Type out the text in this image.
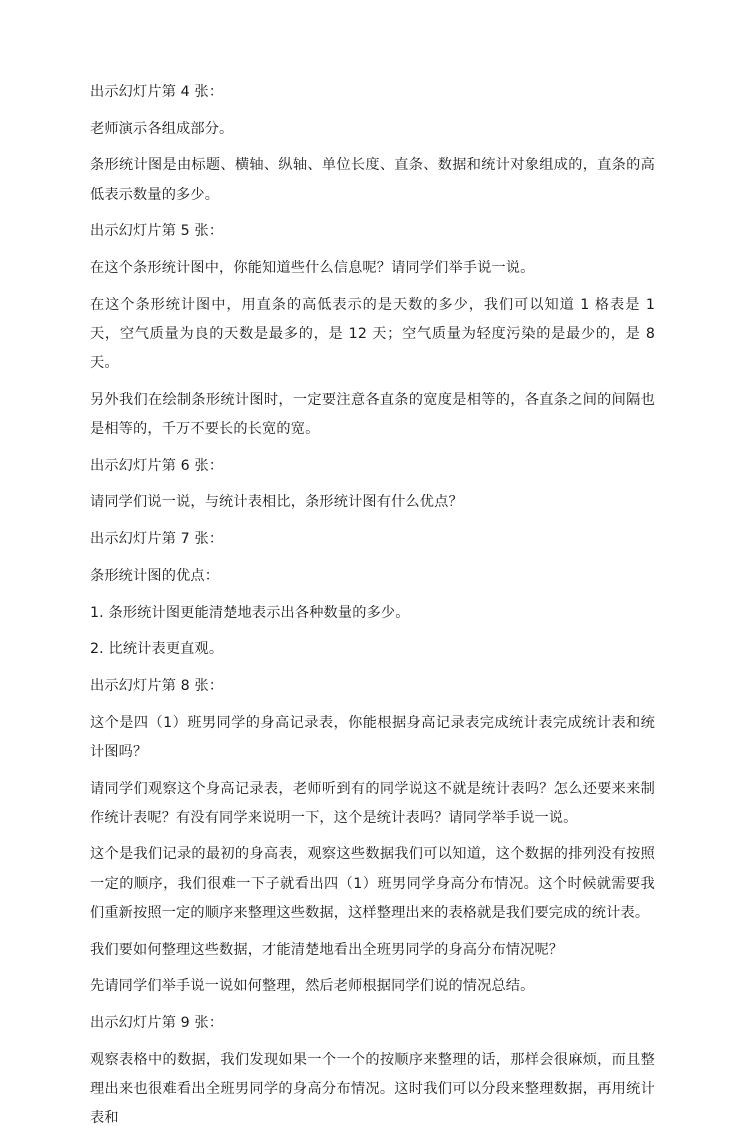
出示幻灯片第 4 张：

老师演示各组成部分。

条形统计图是由标题、横轴、纵轴、单位长度、直条、数据和统计对象组成的，直条的高低表示数量的多少。

出示幻灯片第 5 张：

在这个条形统计图中，你能知道些什么信息呢？请同学们举手说一说。

在这个条形统计图中，用直条的高低表示的是天数的多少，我们可以知道 1 格表是 1 天，空气质量为良的天数是最多的，是 12 天；空气质量为轻度污染的是最少的，是 8 天。

另外我们在绘制条形统计图时，一定要注意各直条的宽度是相等的，各直条之间的间隔也是相等的，千万不要长的长宽的宽。

出示幻灯片第 6 张：

请同学们说一说，与统计表相比，条形统计图有什么优点？

出示幻灯片第 7 张：

条形统计图的优点：

1. 条形统计图更能清楚地表示出各种数量的多少。

2. 比统计表更直观。

出示幻灯片第 8 张：

这个是四（1）班男同学的身高记录表，你能根据身高记录表完成统计表完成统计表和统计图吗？

请同学们观察这个身高记录表，老师听到有的同学说这不就是统计表吗？怎么还要来来制作统计表呢？有没有同学来说明一下，这个是统计表吗？请同学举手说一说。

这个是我们记录的最初的身高表，观察这些数据我们可以知道，这个数据的排列没有按照一定的顺序，我们很难一下子就看出四（1）班男同学身高分布情况。这个时候就需要我们重新按照一定的顺序来整理这些数据，这样整理出来的表格就是我们要完成的统计表。

我们要如何整理这些数据，才能清楚地看出全班男同学的身高分布情况呢？

先请同学们举手说一说如何整理，然后老师根据同学们说的情况总结。

出示幻灯片第 9 张：

观察表格中的数据，我们发现如果一个一个的按顺序来整理的话，那样会很麻烦，而且整理出来也很难看出全班男同学的身高分布情况。这时我们可以分段来整理数据，再用统计表和
